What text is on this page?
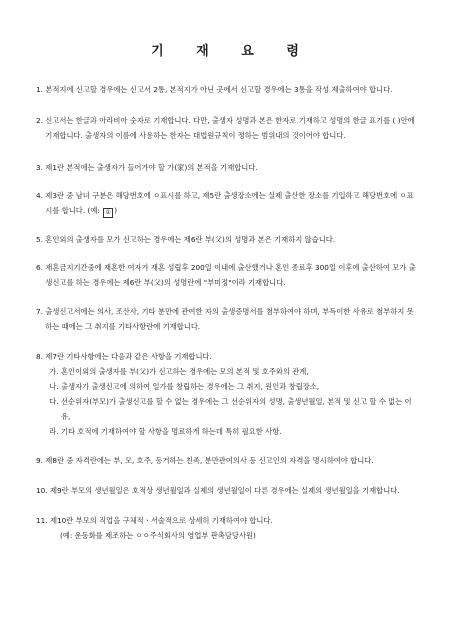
기 재 요 령
1.
본적지에 신고할 경우에는 신고서 2통, 본적지가 아닌 곳에서 신고할 경우에는 3통을 작성 제출하여야 합니다.
2.
신고서는 한글과 아라비아 숫자로 기재합니다. 다만, 출생자 성명과 본은 한자로 기재하고 성명의 한글 표기를 ( )안에 기재합니다. 출생자의 이름에 사용하는 한자는 대법원규칙이 정하는 범위내의 것이어야 합니다.
3.
제1란 본적에는 출생자가 들어가야 할 가(家)의 본적을 기재합니다.
4.
제3란 중 남녀 구분은 해당번호에 ㅇ표시를 하고, 제5란 출생장소에는 실제 출산한 장소를 기입하고 해당번호에 ㅇ표시를 합니다. (예: ① )
5.
혼인외의 출생자를 모가 신고하는 경우에는 제6란 부(父)의 성명과 본은 기재하지 않습니다.
6.
재혼금지기간중에 재혼한 여자가 재혼 성립후 200일 이내에 출산했거나 혼인 종료후 300일 이후에 출산하여 모가 출생신고를 하는 경우에는 제6란 부(父)의 성명란에 "부미정"이라 기재합니다.
7.
출생신고서에는 의사, 조산사, 기타 분만에 관여한 자의 출생증명서를 첨부하여야 하며, 부득이한 사유로 첨부하지 못하는 때에는 그 취지를 기타사항란에 기재합니다.
8.
제7란 기타사항에는 다음과 같은 사항을 기재합니다.
가.
혼인이외의 출생자를 부(父)가 신고하는 경우에는 모의 본적 및 호주와의 관계,
나.
출생자가 출생신고에 의하여 일가를 창립하는 경우에는 그 취지, 원인과 창립장소,
다.
선순위자(부모)가 출생신고를 할 수 없는 경우에는 그 선순위자의 성명, 출생년월일, 본적 및 신고 할 수 없는 이유,
라.
기타 호적에 기재하여야 할 사항을 명료하게 하는데 특히 필요한 사항.
9.
제8란 중 자격란에는 부, 모, 호주, 동거하는 친족, 분만관여의사 등 신고인의 자격을 명시하여야 합니다.
10.
제9란 부모의 생년월일은 호적상 생년월일과 실제의 생년월일이 다른 경우에는 실제의 생년월일을 기재합니다.
11.
제10란 부모의 직업을 구체적ㆍ서술적으로 상세히 기재하여야 합니다.
(예: 운동화를 제조하는 ㅇㅇ주식회사의 영업부 판촉담당사원)
